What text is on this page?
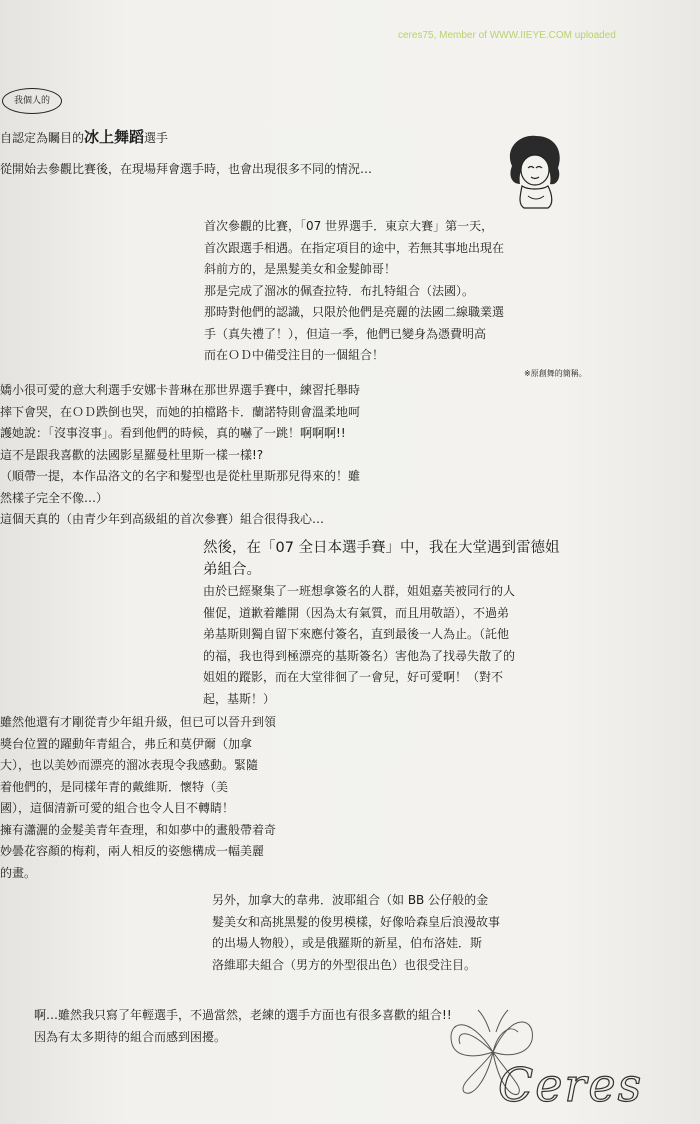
ceres75, Member of WWW.IIEYE.COM uploaded
我個人的
自認定為矚目的冰上舞蹈選手
從開始去參觀比賽後，在現場拜會選手時，也會出現很多不同的情況…

首次參觀的比賽，「07 世界選手．東京大賽」第一天，

首次跟選手相遇。在指定項目的途中，若無其事地出現在

斜前方的，是黑髮美女和金髮帥哥！

那是完成了溜冰的佩查拉特．布扎特組合（法國）。

那時對他們的認識，只限於他們是亮麗的法國二線職業選

手（真失禮了！），但這一季，他們已變身為憑費明高

而在ＯＤ中備受注目的一個組合！

※原創舞的簡稱。

嬌小很可愛的意大利選手安娜卡普琳在那世界選手賽中，練習托舉時

摔下會哭，在ＯＤ跌倒也哭，而她的拍檔路卡．蘭諾特則會溫柔地呵

護她說：「沒事沒事」。看到他們的時候，真的嚇了一跳！啊啊啊!!

這不是跟我喜歡的法國影星羅曼杜里斯一樣一樣!?

（順帶一提，本作品洛文的名字和髮型也是從杜里斯那兒得來的！雖

然樣子完全不像…）

這個天真的（由青少年到高級組的首次參賽）組合很得我心…

然後，在「07 全日本選手賽」中，我在大堂遇到雷德姐

弟組合。

由於已經聚集了一班想拿簽名的人群，姐姐嘉芙被同行的人

催促，道歉着離開（因為太有氣質，而且用敬語），不過弟

弟基斯則獨自留下來應付簽名，直到最後一人為止。（託他

的福，我也得到極漂亮的基斯簽名）害他為了找尋失散了的

姐姐的蹤影，而在大堂徘徊了一會兒，好可愛啊！（對不

起，基斯！）

雖然他還有才剛從青少年組升級，但已可以晉升到領

獎台位置的躍動年青組合，弗丘和莫伊爾（加拿

大），也以美妙而漂亮的溜冰表現令我感動。緊隨

着他們的，是同樣年青的戴維斯．懷特（美

國），這個清新可愛的組合也令人目不轉睛！

擁有瀟灑的金髮美青年查理，和如夢中的畫般帶着奇

妙曇花容顏的梅莉，兩人相反的姿態構成一幅美麗

的畫。

另外，加拿大的韋弗．波耶組合（如 BB 公仔般的金

髮美女和高挑黑髮的俊男模樣，好像哈森皇后浪漫故事

的出場人物般），或是俄羅斯的新星，伯布洛娃．斯

洛維耶夫組合（男方的外型很出色）也很受注目。

啊…雖然我只寫了年輕選手，不過當然，老練的選手方面也有很多喜歡的組合!!

因為有太多期待的組合而感到困擾。

Ceres
